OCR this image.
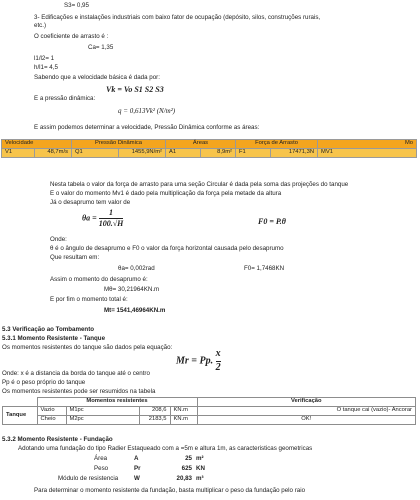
S3= 0,95
3- Edificações e instalações industriais com baixo fator de ocupação (depósito, silos, construções rurais,
etc.)
O coeficiente de arrasto é :
Ca= 1,35
l1/l2= 1
h/l1= 4,5
Sabendo que a velocidade básica é dada por:
Vk = Vo S1 S2 S3
E a pressão dinâmica:
q = 0,613Vk² (N/m²)
E assim podemos determinar a velocidade, Pressão Dinâmica conforme as áreas:
Velocidade		Pressão Dinâmica		Áreas		Força de Arrasto		Mo
V1	48,7m/s	Q1	1455,9N/m²	A1	8,9m²	F1	17471,3N	MV1
Nesta tabela o valor da força de arrasto para uma seção Circular é dada pela soma das projeções do tanque
E o valor do momento Mv1 é dado pela multiplicação da força pela metade da altura
Já o desaprumo tem valor de
$\theta a = \frac{1}{100.√H}$	F0 = P.θ
Onde:
θ é o ângulo de desaprumo e F0 o valor da força horizontal causada pelo desaprumo
Que resultam em:
θa= 0,002rad	F0= 1,7468KN
Assim o momento do desaprumo é:
Mθ= 30,21964KN.m
E por fim o momento total é:
Mt= 1541,46964KN.m
5.3 Verificação ao Tombamento
5.3.1 Momento Resistente - Tanque
Os momentos resistentes do tanque são dados pela equação:
Mr = Pp. $\frac{x}{2}$
Onde: x é a distancia da borda do tanque até o centro
Pp é o peso próprio do tanque
Os momentos resistentes pode ser resumidos na tabela
	Momentos resistentes				Verificação
Tanque	Vazio	M1pc	208,6	KN.m	O tanque cai (vazio)- Ancorar
	Cheio	M2pc	2183,5	KN.m	OK!
5.3.2 Momento Resistente - Fundação
Adotando uma fundação do tipo Radier Estaqueado com a =5m e altura 1m, as caracteristicas geometricas
Área	A	25 m²
Peso	Pr	625 KN
Módulo de resistencia	W	20,83 m³
Para determinar o momento resistente da fundação, basta multiplicar o peso da fundação pelo raio
